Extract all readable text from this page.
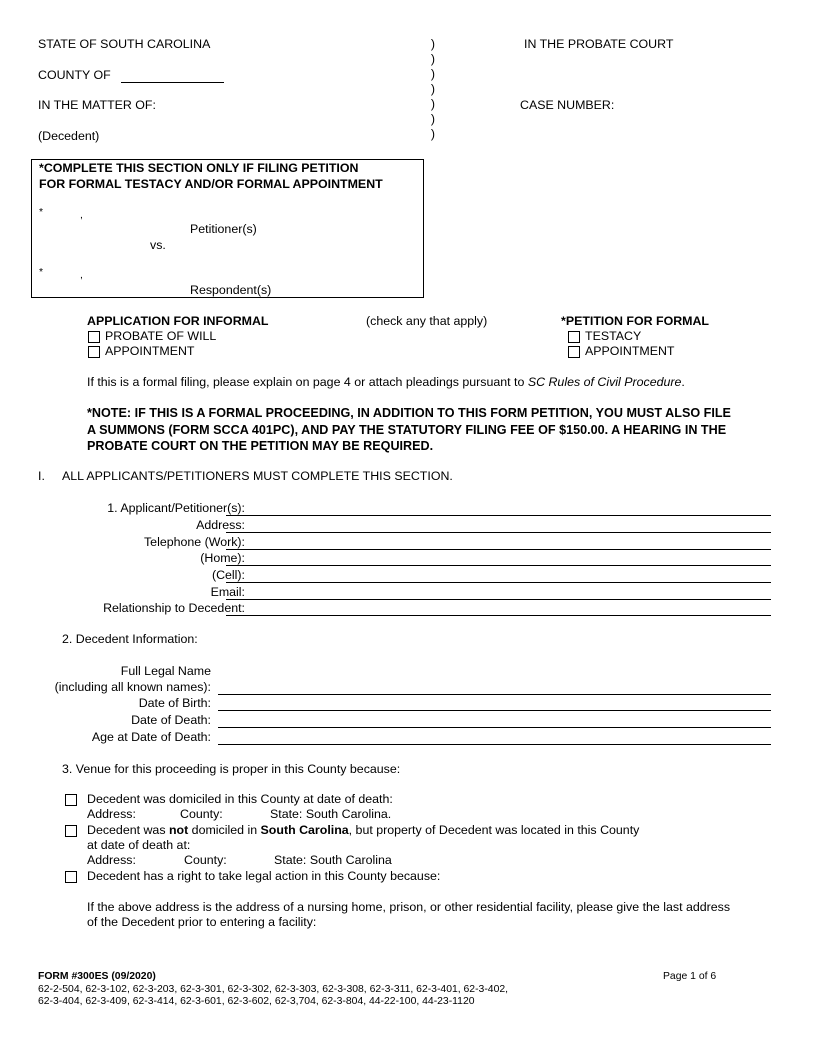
STATE OF SOUTH CAROLINA
COUNTY OF
IN THE MATTER OF:
(Decedent)
)
)
)
)
)
)
)
IN THE PROBATE COURT
CASE NUMBER:
*COMPLETE THIS SECTION ONLY IF FILING PETITION
FOR FORMAL TESTACY AND/OR FORMAL APPOINTMENT
*	,
Petitioner(s)
vs.
*	,
Respondent(s)
APPLICATION FOR INFORMAL
PROBATE OF WILL
APPOINTMENT
(check any that apply)	*PETITION FOR FORMAL
TESTACY
APPOINTMENT
If this is a formal filing, please explain on page 4 or attach pleadings pursuant to SC Rules of Civil Procedure.
*NOTE: IF THIS IS A FORMAL PROCEEDING, IN ADDITION TO THIS FORM PETITION, YOU MUST ALSO FILE
A SUMMONS (FORM SCCA 401PC), AND PAY THE STATUTORY FILING FEE OF $150.00. A HEARING IN THE
PROBATE COURT ON THE PETITION MAY BE REQUIRED.
I. ALL APPLICANTS/PETITIONERS MUST COMPLETE THIS SECTION.
1. Applicant/Petitioner(s):
Address:
Telephone (Work):
(Home):
(Cell):
Email:
Relationship to Decedent:
2. Decedent Information:
Full Legal Name
(including all known names):
Date of Birth:
Date of Death:
Age at Date of Death:
3. Venue for this proceeding is proper in this County because:
Decedent was domiciled in this County at date of death:
Address:	County:	State: South Carolina.
Decedent was not domiciled in South Carolina, but property of Decedent was located in this County
at date of death at:
Address:	County:	State: South Carolina
Decedent has a right to take legal action in this County because:
If the above address is the address of a nursing home, prison, or other residential facility, please give the last address
of the Decedent prior to entering a facility:
FORM #300ES (09/2020)	Page 1 of 6
62-2-504, 62-3-102, 62-3-203, 62-3-301, 62-3-302, 62-3-303, 62-3-308, 62-3-311, 62-3-401, 62-3-402,
62-3-404, 62-3-409, 62-3-414, 62-3-601, 62-3-602, 62-3,704, 62-3-804, 44-22-100, 44-23-1120
